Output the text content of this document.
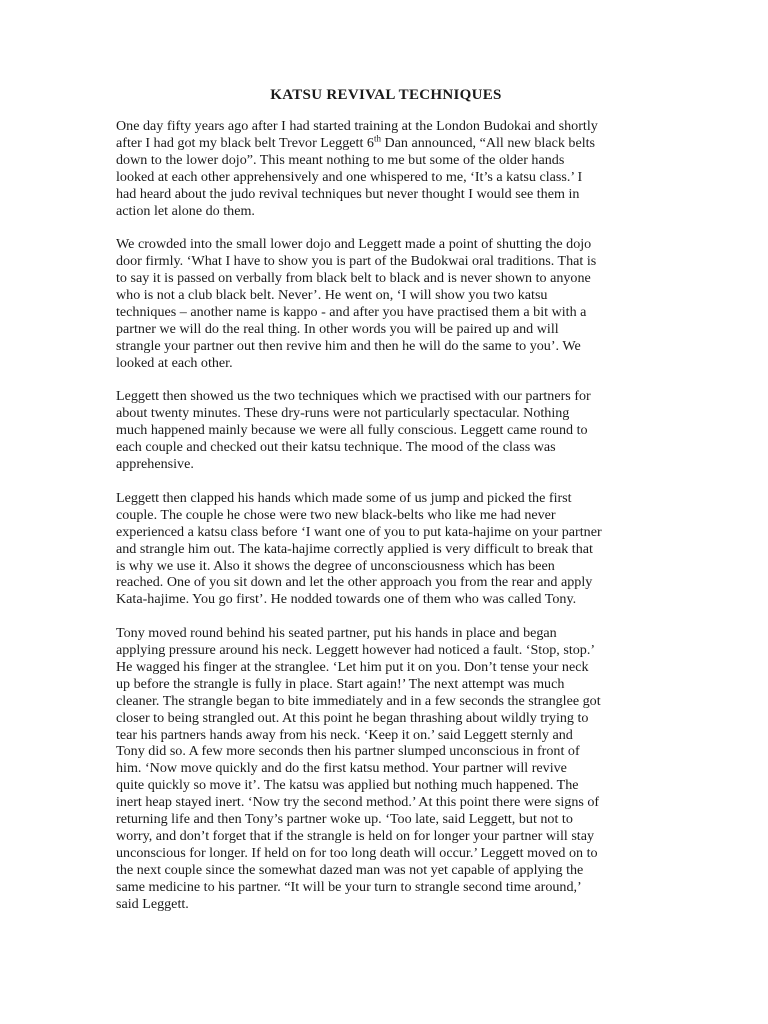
KATSU REVIVAL TECHNIQUES
One day fifty years ago after I had started training at the London Budokai and shortly
after I had got my black belt Trevor Leggett 6th Dan announced, “All new black belts
down to the lower dojo”. This meant nothing to me but some of the older hands
looked at each other apprehensively and one whispered to me, ‘It’s a katsu class.’ I
had heard about the judo revival techniques but never thought I would see them in
action let alone do them.
We crowded into the small lower dojo and Leggett made a point of shutting the dojo
door firmly. ‘What I have to show you is part of the Budokwai oral traditions. That is
to say it is passed on verbally from black belt to black and is never shown to anyone
who is not a club black belt. Never’. He went on, ‘I will show you two katsu
techniques – another name is kappo - and after you have practised them a bit with a
partner we will do the real thing. In other words you will be paired up and will
strangle your partner out then revive him and then he will do the same to you’. We
looked at each other.
Leggett then showed us the two techniques which we practised with our partners for
about twenty minutes. These dry-runs were not particularly spectacular. Nothing
much happened mainly because we were all fully conscious. Leggett came round to
each couple and checked out their katsu technique. The mood of the class was
apprehensive.
Leggett then clapped his hands which made some of us jump and picked the first
couple. The couple he chose were two new black-belts who like me had never
experienced a katsu class before ‘I want one of you to put kata-hajime on your partner
and strangle him out. The kata-hajime correctly applied is very difficult to break that
is why we use it. Also it shows the degree of unconsciousness which has been
reached. One of you sit down and let the other approach you from the rear and apply
Kata-hajime. You go first’. He nodded towards one of them who was called Tony.
Tony moved round behind his seated partner, put his hands in place and began
applying pressure around his neck. Leggett however had noticed a fault. ‘Stop, stop.’
He wagged his finger at the stranglee. ‘Let him put it on you. Don’t tense your neck
up before the strangle is fully in place. Start again!’ The next attempt was much
cleaner. The strangle began to bite immediately and in a few seconds the stranglee got
closer to being strangled out. At this point he began thrashing about wildly trying to
tear his partners hands away from his neck. ‘Keep it on.’ said Leggett sternly and
Tony did so. A few more seconds then his partner slumped unconscious in front of
him. ‘Now move quickly and do the first katsu method. Your partner will revive
quite quickly so move it’. The katsu was applied but nothing much happened. The
inert heap stayed inert. ‘Now try the second method.’ At this point there were signs of
returning life and then Tony’s partner woke up. ‘Too late, said Leggett, but not to
worry, and don’t forget that if the strangle is held on for longer your partner will stay
unconscious for longer. If held on for too long death will occur.’ Leggett moved on to
the next couple since the somewhat dazed man was not yet capable of applying the
same medicine to his partner. “It will be your turn to strangle second time around,’
said Leggett.
